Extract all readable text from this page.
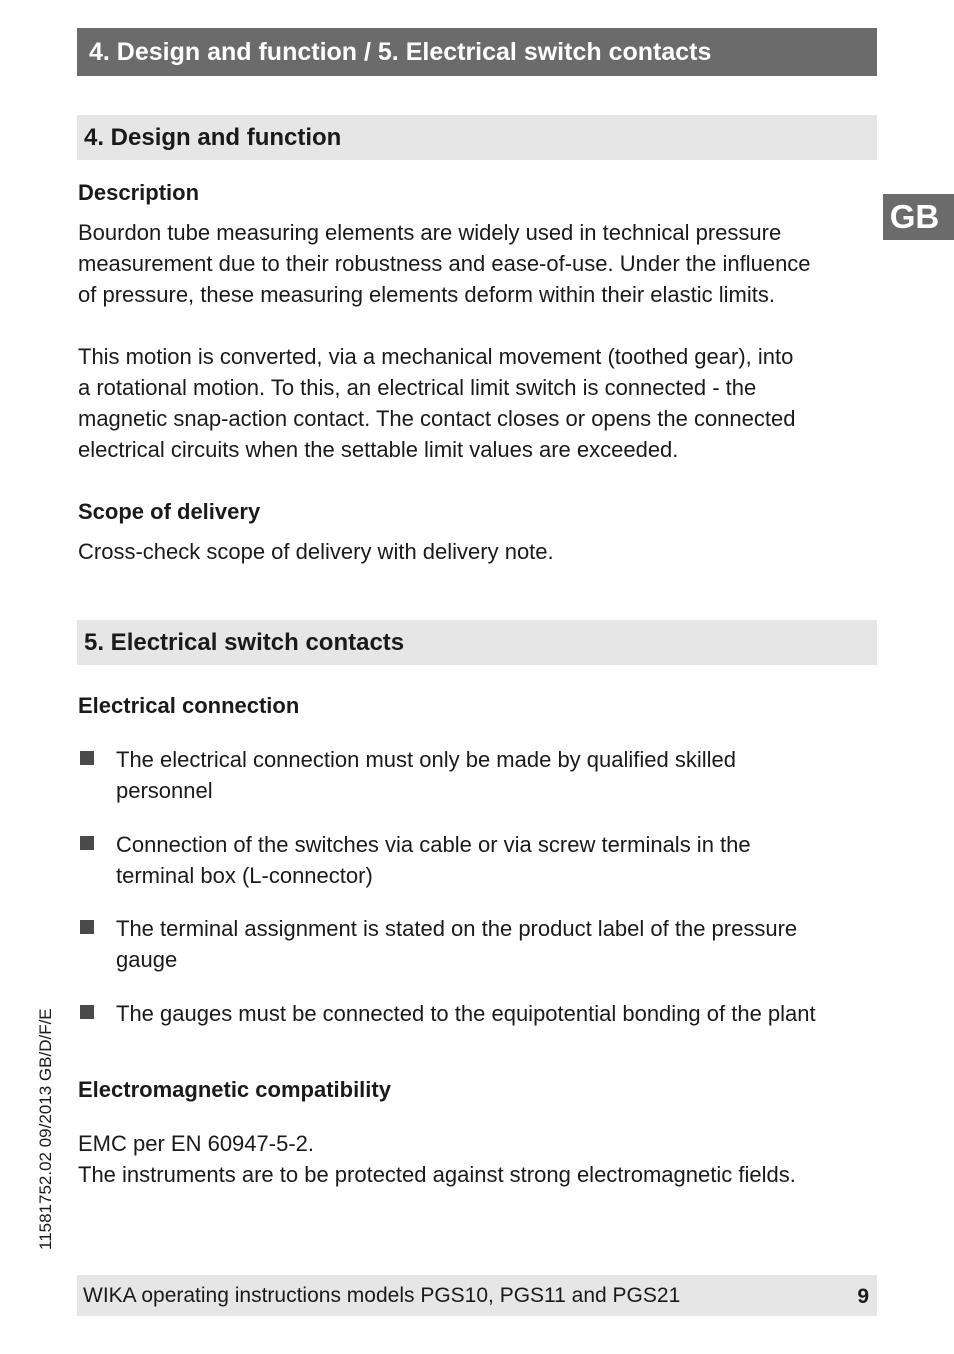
4. Design and function / 5. Electrical switch contacts
GB
4. Design and function
Description

Bourdon tube measuring elements are widely used in technical pressure
measurement due to their robustness and ease-of-use. Under the influence
of pressure, these measuring elements deform within their elastic limits.

This motion is converted, via a mechanical movement (toothed gear), into
a rotational motion. To this, an electrical limit switch is connected - the
magnetic snap-action contact. The contact closes or opens the connected
electrical circuits when the settable limit values are exceeded.

Scope of delivery

Cross-check scope of delivery with delivery note.

5. Electrical switch contacts
Electrical connection
The electrical connection must only be made by qualified skilled
personnel
Connection of the switches via cable or via screw terminals in the
terminal box (L-connector)
The terminal assignment is stated on the product label of the pressure
gauge
The gauges must be connected to the equipotential bonding of the plant
Electromagnetic compatibility

EMC per EN 60947-5-2.
The instruments are to be protected against strong electromagnetic fields.

11581752.02 09/2013 GB/D/F/E
WIKA operating instructions models PGS10, PGS11 and PGS21	9
